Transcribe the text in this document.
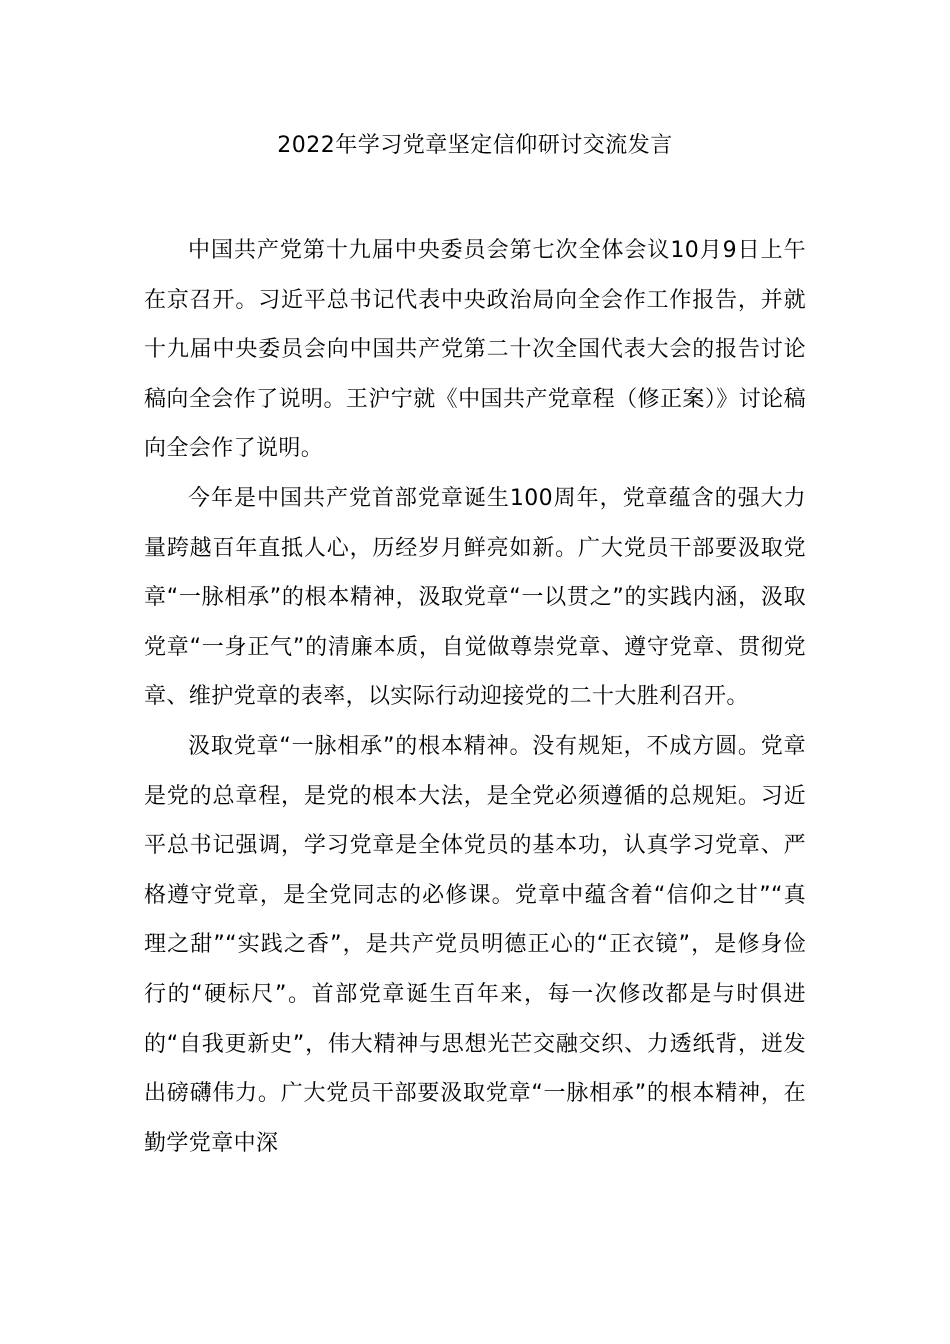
2022年学习党章坚定信仰研讨交流发言

中国共产党第十九届中央委员会第七次全体会议10月9日上午在京召开。习近平总书记代表中央政治局向全会作工作报告，并就十九届中央委员会向中国共产党第二十次全国代表大会的报告讨论稿向全会作了说明。王沪宁就《中国共产党章程（修正案）》讨论稿向全会作了说明。

今年是中国共产党首部党章诞生100周年，党章蕴含的强大力量跨越百年直抵人心，历经岁月鲜亮如新。广大党员干部要汲取党章“一脉相承”的根本精神，汲取党章“一以贯之”的实践内涵，汲取党章“一身正气”的清廉本质，自觉做尊崇党章、遵守党章、贯彻党章、维护党章的表率，以实际行动迎接党的二十大胜利召开。

汲取党章“一脉相承”的根本精神。没有规矩，不成方圆。党章是党的总章程，是党的根本大法，是全党必须遵循的总规矩。习近平总书记强调，学习党章是全体党员的基本功，认真学习党章、严格遵守党章，是全党同志的必修课。党章中蕴含着“信仰之甘”“真理之甜”“实践之香”，是共产党员明德正心的“正衣镜”，是修身俭行的“硬标尺”。首部党章诞生百年来，每一次修改都是与时俱进的“自我更新史”，伟大精神与思想光芒交融交织、力透纸背，迸发出磅礴伟力。广大党员干部要汲取党章“一脉相承”的根本精神，在勤学党章中深
